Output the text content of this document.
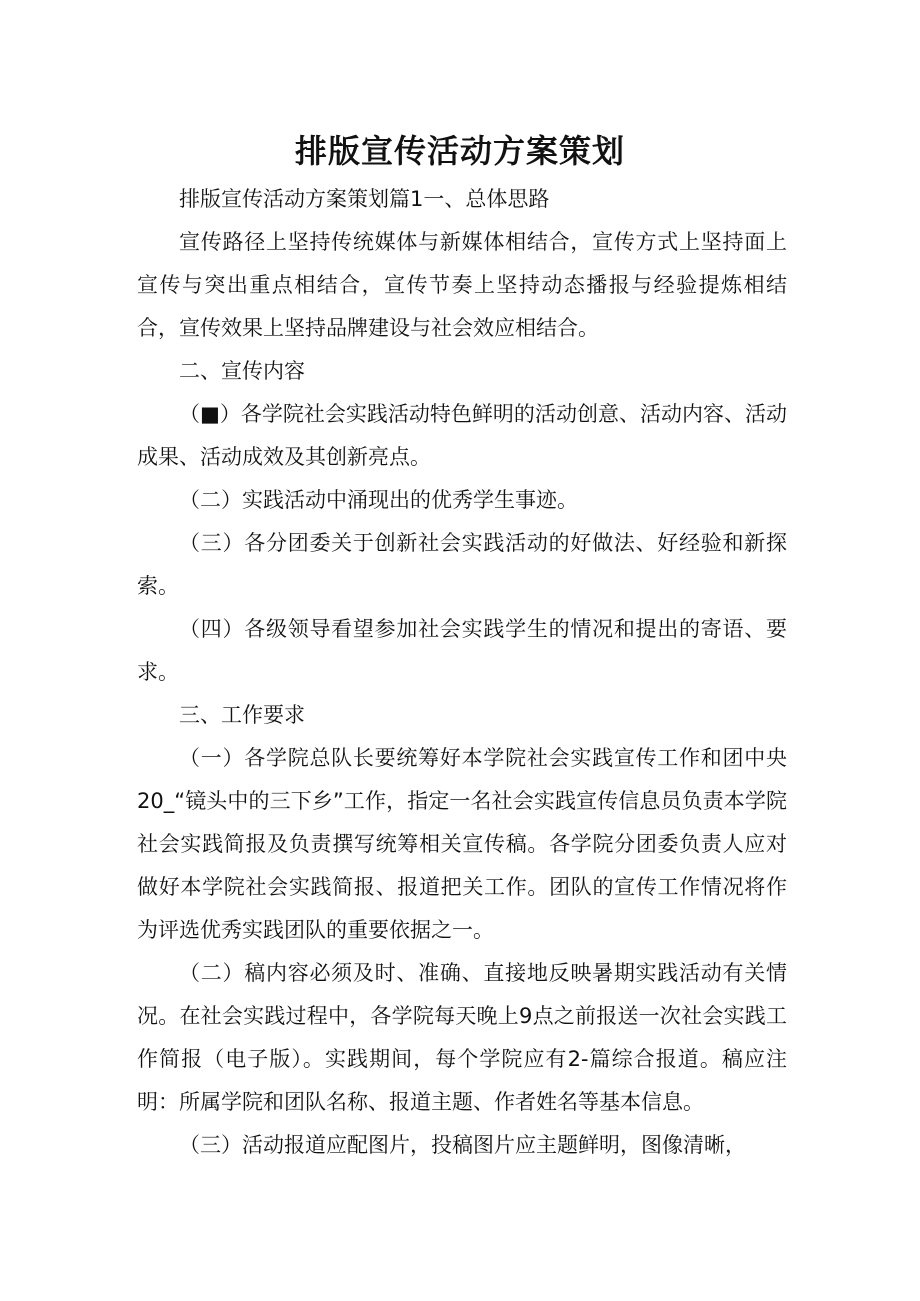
排版宣传活动方案策划

排版宣传活动方案策划篇1一、总体思路

宣传路径上坚持传统媒体与新媒体相结合，宣传方式上坚持面上宣传与突出重点相结合，宣传节奏上坚持动态播报与经验提炼相结合，宣传效果上坚持品牌建设与社会效应相结合。

二、宣传内容

（■）各学院社会实践活动特色鲜明的活动创意、活动内容、活动成果、活动成效及其创新亮点。

（二）实践活动中涌现出的优秀学生事迹。

（三）各分团委关于创新社会实践活动的好做法、好经验和新探索。

（四）各级领导看望参加社会实践学生的情况和提出的寄语、要求。

三、工作要求

（一）各学院总队长要统筹好本学院社会实践宣传工作和团中央20_“镜头中的三下乡”工作，指定一名社会实践宣传信息员负责本学院社会实践简报及负责撰写统筹相关宣传稿。各学院分团委负责人应对做好本学院社会实践简报、报道把关工作。团队的宣传工作情况将作为评选优秀实践团队的重要依据之一。

（二）稿内容必须及时、准确、直接地反映暑期实践活动有关情况。在社会实践过程中，各学院每天晚上9点之前报送一次社会实践工作简报（电子版）。实践期间，每个学院应有2-篇综合报道。稿应注明：所属学院和团队名称、报道主题、作者姓名等基本信息。

（三）活动报道应配图片，投稿图片应主题鲜明，图像清晰，
